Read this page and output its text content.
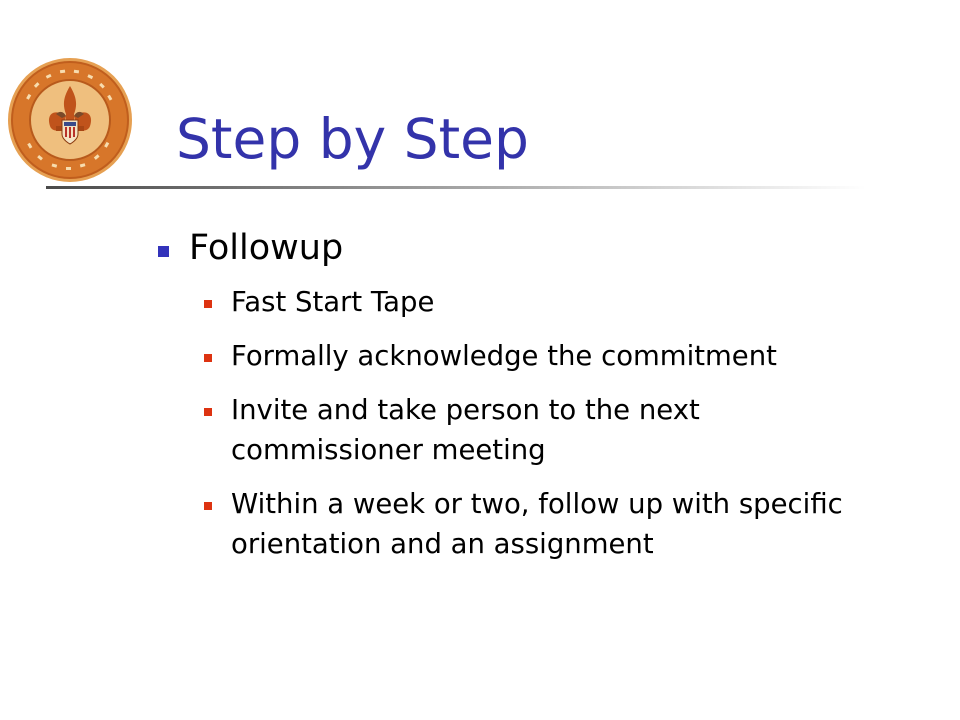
Step by Step
Followup
Fast Start Tape
Formally acknowledge the commitment
Invite and take person to the next commissioner meeting
Within a week or two, follow up with specific orientation and an assignment
